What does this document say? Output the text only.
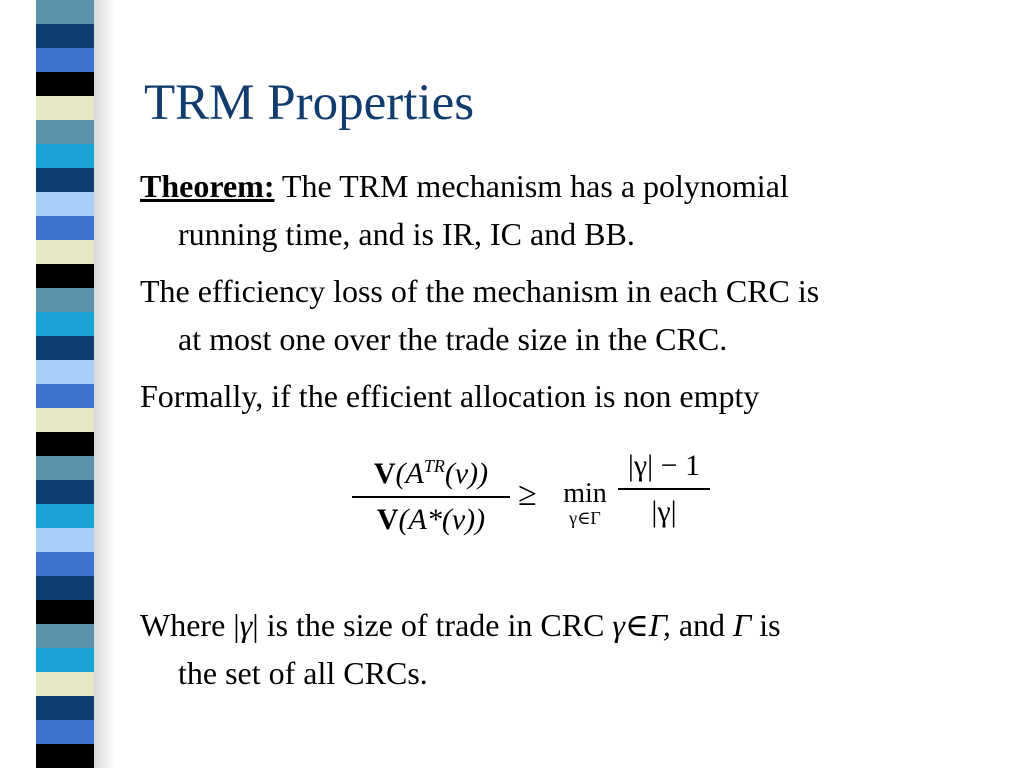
TRM Properties
Theorem: The TRM mechanism has a polynomial
running time, and is IR, IC and BB.
The efficiency loss of the mechanism in each CRC is
at most one over the trade size in the CRC.
Formally, if the efficient allocation is non empty
$V(A^{TR}(v))$
V(A*(v))
≥ min
γ∈Γ
|γ| − 1
|γ|
Where |γ| is the size of trade in CRC γ∈Γ, and Γ is
the set of all CRCs.
